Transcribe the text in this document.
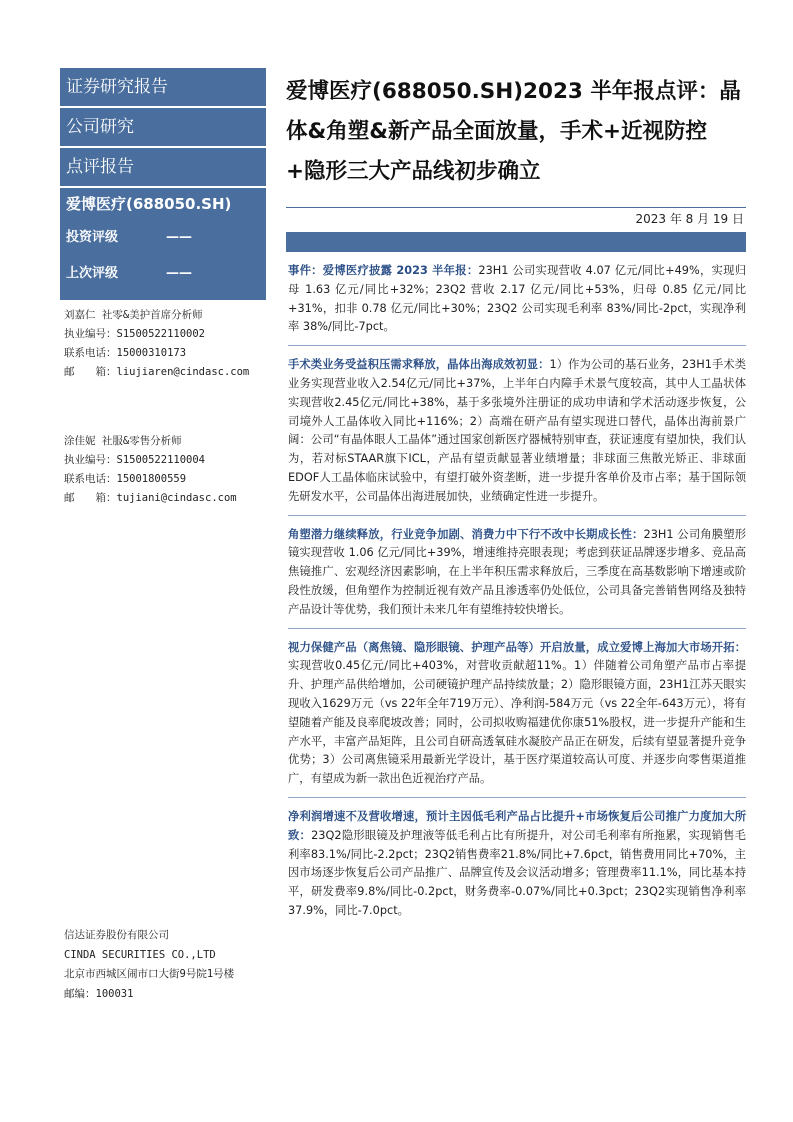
证券研究报告
公司研究
点评报告
爱博医疗(688050.SH)
投资评级	——
上次评级	——
刘嘉仁 社零&美护首席分析师
执业编号：S1500522110002
联系电话：15000310173
邮　　箱：liujiaren@cindasc.com
涂佳妮 社服&零售分析师
执业编号：S1500522110004
联系电话：15001800559
邮　　箱：tujiani@cindasc.com
信达证券股份有限公司
CINDA SECURITIES CO.,LTD
北京市西城区闹市口大街9号院1号楼
邮编：100031
爱博医疗(688050.SH)2023 半年报点评：晶体&角塑&新产品全面放量，手术+近视防控+隐形三大产品线初步确立
2023 年 8 月 19 日
事件：爱博医疗披露 2023 半年报：23H1 公司实现营收 4.07 亿元/同比+49%，实现归母 1.63 亿元/同比+32%；23Q2 营收 2.17 亿元/同比+53%，归母 0.85 亿元/同比+31%，扣非 0.78 亿元/同比+30%；23Q2 公司实现毛利率 83%/同比-2pct，实现净利率 38%/同比-7pct。
手术类业务受益积压需求释放，晶体出海成效初显：1）作为公司的基石业务，23H1手术类业务实现营业收入2.54亿元/同比+37%，上半年白内障手术景气度较高，其中人工晶状体实现营收2.45亿元/同比+38%，基于多张境外注册证的成功申请和学术活动逐步恢复，公司境外人工晶体收入同比+116%；2）高端在研产品有望实现进口替代，晶体出海前景广阔：公司“有晶体眼人工晶体”通过国家创新医疗器械特别审查，获证速度有望加快，我们认为，若对标STAAR旗下ICL，产品有望贡献显著业绩增量；非球面三焦散光矫正、非球面EDOF人工晶体临床试验中，有望打破外资垄断，进一步提升客单价及市占率；基于国际领先研发水平，公司晶体出海进展加快，业绩确定性进一步提升。
角塑潜力继续释放，行业竞争加剧、消费力中下行不改中长期成长性：23H1 公司角膜塑形镜实现营收 1.06 亿元/同比+39%，增速维持亮眼表现；考虑到获证品牌逐步增多、竞品高焦镜推广、宏观经济因素影响，在上半年积压需求释放后，三季度在高基数影响下增速或阶段性放缓，但角塑作为控制近视有效产品且渗透率仍处低位，公司具备完善销售网络及独特产品设计等优势，我们预计未来几年有望维持较快增长。
视力保健产品（离焦镜、隐形眼镜、护理产品等）开启放量，成立爱博上海加大市场开拓：实现营收0.45亿元/同比+403%，对营收贡献超11%。1）伴随着公司角塑产品市占率提升、护理产品供给增加，公司硬镜护理产品持续放量；2）隐形眼镜方面，23H1江苏天眼实现收入1629万元（vs 22年全年719万元）、净利润-584万元（vs 22全年-643万元），将有望随着产能及良率爬坡改善；同时，公司拟收购福建优你康51%股权，进一步提升产能和生产水平，丰富产品矩阵，且公司自研高透氧硅水凝胶产品正在研发，后续有望显著提升竞争优势；3）公司离焦镜采用最新光学设计，基于医疗渠道较高认可度、并逐步向零售渠道推广，有望成为新一款出色近视治疗产品。
净利润增速不及营收增速，预计主因低毛利产品占比提升+市场恢复后公司推广力度加大所致：23Q2隐形眼镜及护理液等低毛利占比有所提升，对公司毛利率有所拖累，实现销售毛利率83.1%/同比-2.2pct；23Q2销售费率21.8%/同比+7.6pct，销售费用同比+70%，主因市场逐步恢复后公司产品推广、品牌宣传及会议活动增多；管理费率11.1%，同比基本持平，研发费率9.8%/同比-0.2pct，财务费率-0.07%/同比+0.3pct；23Q2实现销售净利率37.9%，同比-7.0pct。
